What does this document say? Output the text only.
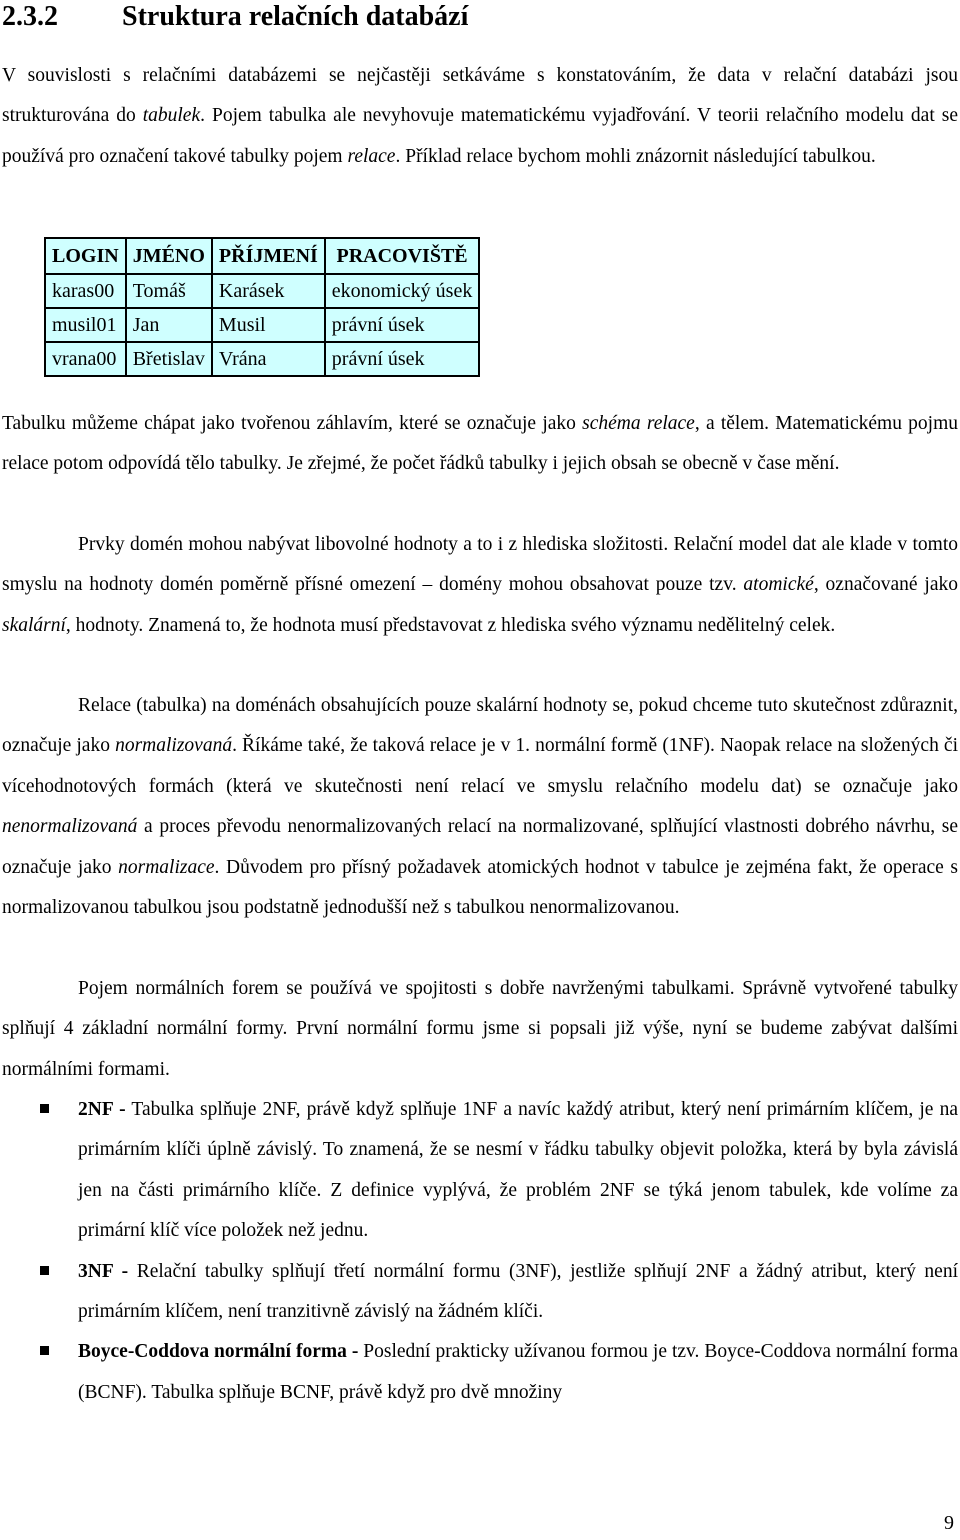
2.3.2 Struktura relačních databází

V souvislosti s relačními databázemi se nejčastěji setkáváme s konstatováním, že data v relační databázi jsou strukturována do tabulek. Pojem tabulka ale nevyhovuje matematickému vyjadřování. V teorii relačního modelu dat se používá pro označení takové tabulky pojem relace. Příklad relace bychom mohli znázornit následující tabulkou.

LOGIN	JMÉNO	PŘÍJMENÍ	PRACOVIŠTĚ
karas00	Tomáš	Karásek	ekonomický úsek
musil01	Jan	Musil	právní úsek
vrana00	Břetislav	Vrána	právní úsek

Tabulku můžeme chápat jako tvořenou záhlavím, které se označuje jako schéma relace, a tělem. Matematickému pojmu relace potom odpovídá tělo tabulky. Je zřejmé, že počet řádků tabulky i jejich obsah se obecně v čase mění.

Prvky domén mohou nabývat libovolné hodnoty a to i z hlediska složitosti. Relační model dat ale klade v tomto smyslu na hodnoty domén poměrně přísné omezení – domény mohou obsahovat pouze tzv. atomické, označované jako skalární, hodnoty. Znamená to, že hodnota musí představovat z hlediska svého významu nedělitelný celek.

Relace (tabulka) na doménách obsahujících pouze skalární hodnoty se, pokud chceme tuto skutečnost zdůraznit, označuje jako normalizovaná. Říkáme také, že taková relace je v 1. normální formě (1NF). Naopak relace na složených či vícehodnotových formách (která ve skutečnosti není relací ve smyslu relačního modelu dat) se označuje jako nenormalizovaná a proces převodu nenormalizovaných relací na normalizované, splňující vlastnosti dobrého návrhu, se označuje jako normalizace. Důvodem pro přísný požadavek atomických hodnot v tabulce je zejména fakt, že operace s normalizovanou tabulkou jsou podstatně jednodušší než s tabulkou nenormalizovanou.

Pojem normálních forem se používá ve spojitosti s dobře navrženými tabulkami. Správně vytvořené tabulky splňují 4 základní normální formy. První normální formu jsme si popsali již výše, nyní se budeme zabývat dalšími normálními formami.

2NF - Tabulka splňuje 2NF, právě když splňuje 1NF a navíc každý atribut, který není primárním klíčem, je na primárním klíči úplně závislý. To znamená, že se nesmí v řádku tabulky objevit položka, která by byla závislá jen na části primárního klíče. Z definice vyplývá, že problém 2NF se týká jenom tabulek, kde volíme za primární klíč více položek než jednu.
3NF - Relační tabulky splňují třetí normální formu (3NF), jestliže splňují 2NF a žádný atribut, který není primárním klíčem, není tranzitivně závislý na žádném klíči.
Boyce-Coddova normální forma - Poslední prakticky užívanou formou je tzv. Boyce-Coddova normální forma (BCNF). Tabulka splňuje BCNF, právě když pro dvě množiny
9
